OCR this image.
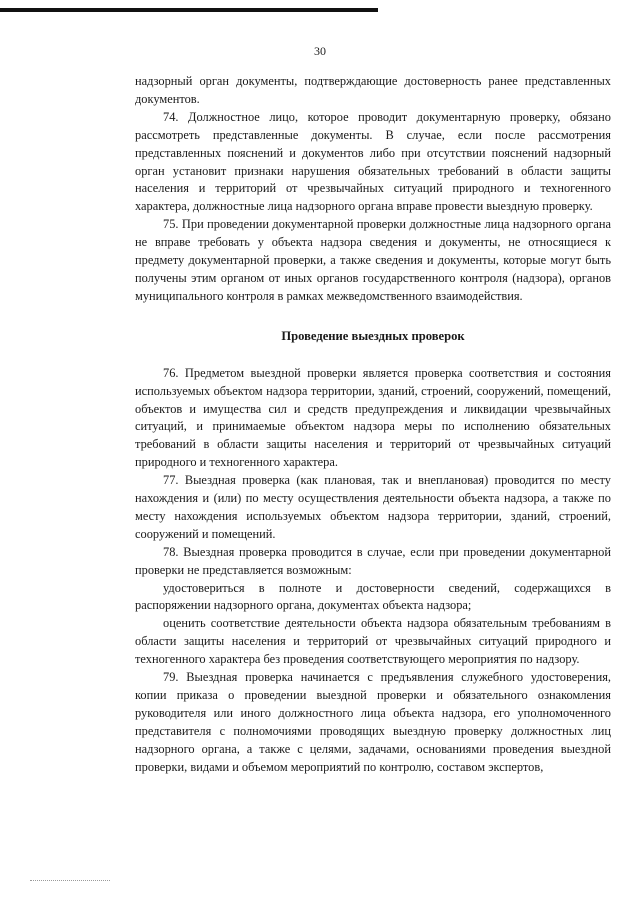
30

надзорный орган документы, подтверждающие достоверность ранее представленных документов.

74. Должностное лицо, которое проводит документарную проверку, обязано рассмотреть представленные документы. В случае, если после рассмотрения представленных пояснений и документов либо при отсутствии пояснений надзорный орган установит признаки нарушения обязательных требований в области защиты населения и территорий от чрезвычайных ситуаций природного и техногенного характера, должностные лица надзорного органа вправе провести выездную проверку.

75. При проведении документарной проверки должностные лица надзорного органа не вправе требовать у объекта надзора сведения и документы, не относящиеся к предмету документарной проверки, а также сведения и документы, которые могут быть получены этим органом от иных органов государственного контроля (надзора), органов муниципального контроля в рамках межведомственного взаимодействия.

Проведение выездных проверок

76. Предметом выездной проверки является проверка соответствия и состояния используемых объектом надзора территории, зданий, строений, сооружений, помещений, объектов и имущества сил и средств предупреждения и ликвидации чрезвычайных ситуаций, и принимаемые объектом надзора меры по исполнению обязательных требований в области защиты населения и территорий от чрезвычайных ситуаций природного и техногенного характера.

77. Выездная проверка (как плановая, так и внеплановая) проводится по месту нахождения и (или) по месту осуществления деятельности объекта надзора, а также по месту нахождения используемых объектом надзора территории, зданий, строений, сооружений и помещений.

78. Выездная проверка проводится в случае, если при проведении документарной проверки не представляется возможным:

удостовериться в полноте и достоверности сведений, содержащихся в распоряжении надзорного органа, документах объекта надзора;

оценить соответствие деятельности объекта надзора обязательным требованиям в области защиты населения и территорий от чрезвычайных ситуаций природного и техногенного характера без проведения соответствующего мероприятия по надзору.

79. Выездная проверка начинается с предъявления служебного удостоверения, копии приказа о проведении выездной проверки и обязательного ознакомления руководителя или иного должностного лица объекта надзора, его уполномоченного представителя с полномочиями проводящих выездную проверку должностных лиц надзорного органа, а также с целями, задачами, основаниями проведения выездной проверки, видами и объемом мероприятий по контролю, составом экспертов,
